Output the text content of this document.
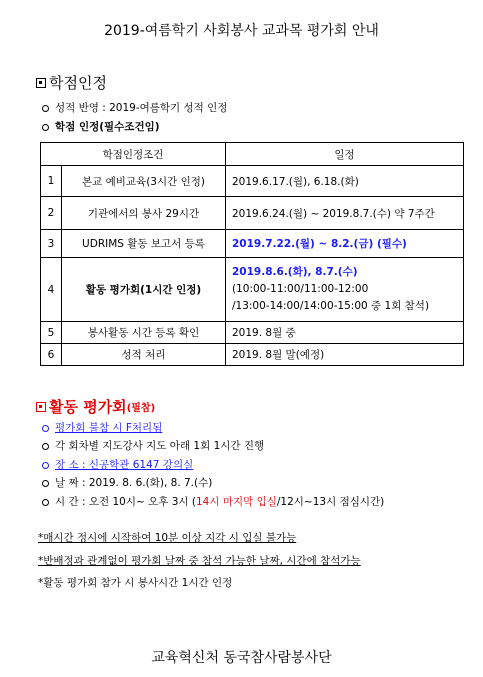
2019-여름학기 사회봉사 교과목 평가회 안내
학점인정
성적 반영 : 2019-여름학기 성적 인정
학점 인정(필수조건임)
학점인정조건		일정
1	본교 예비교육(3시간 인정)	2019.6.17.(월), 6.18.(화)
2	기관에서의 봉사 29시간	2019.6.24.(월) ~ 2019.8.7.(수) 약 7주간
3	UDRIMS 활동 보고서 등록	2019.7.22.(월) ~ 8.2.(금) (필수)
4	활동 평가회(1시간 인정)	2019.8.6.(화), 8.7.(수)
(10:00-11:00/11:00-12:00
/13:00-14:00/14:00-15:00 중 1회 참석)

5	봉사활동 시간 등록 확인	2019. 8월 중
6	성적 처리	2019. 8월 말(예정)
활동 평가회 (필참)
평가회 불참 시 F처리됨
각 회차별 지도강사 지도 아래 1회 1시간 진행
장 소 : 신공학관 6147 강의실
날 짜 : 2019. 8. 6.(화), 8. 7.(수)
시 간 : 오전 10시~ 오후 3시 (14시 마지막 입실/12시~13시 점심시간)
*매시간 정시에 시작하여 10분 이상 지각 시 입실 불가능
*반배정과 관계없이 평가회 날짜 중 참석 가능한 날짜, 시간에 참석가능
*활동 평가회 참가 시 봉사시간 1시간 인정
교육혁신처 동국참사람봉사단
